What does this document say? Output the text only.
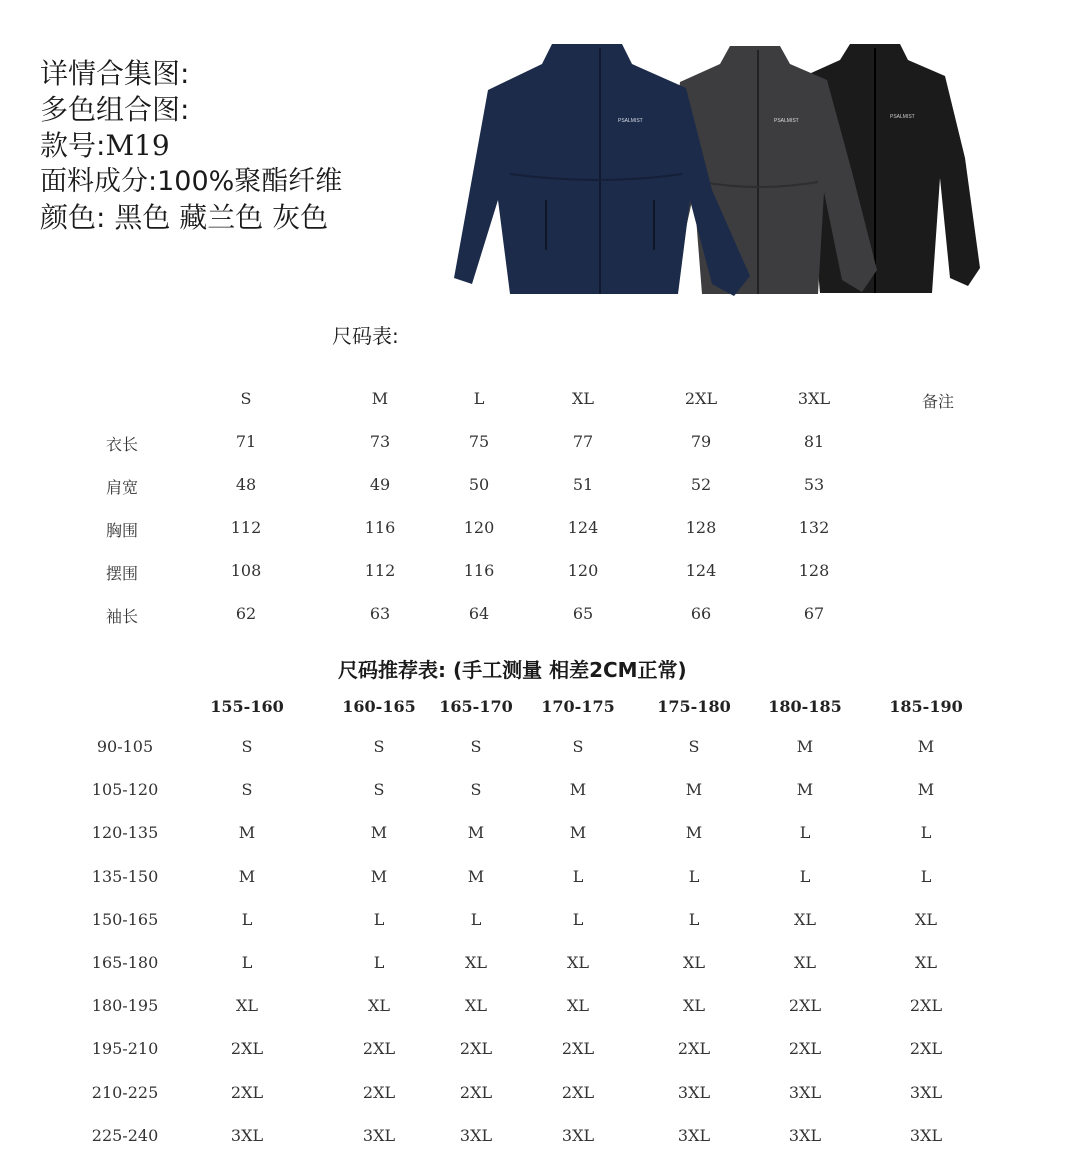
详情合集图:
多色组合图:
款号:M19
面料成分:100%聚酯纤维
颜色: 黑色 藏兰色 灰色
PSALMIST
PSALMIST
PSALMIST
尺码表:
S	M	L	XL	2XL	3XL	备注
衣长	71	73	75	77	79	81
肩宽	48	49	50	51	52	53
胸围	112	116	120	124	128	132
摆围	108	112	116	120	124	128
袖长	62	63	64	65	66	67
尺码推荐表: (手工测量 相差2CM正常)
155-160	160-165 165-170 170-175	175-180 180-185	185-190
90-105	S	S	S	S	S	M	M
105-120	S	S	S	M	M	M	M
120-135	M	M	M	M	M	L	L
135-150	M	M	M	L	L	L	L
150-165	L	L	L	L	L	XL	XL
165-180	L	L	XL	XL	XL	XL	XL
180-195	XL	XL	XL	XL	XL	2XL	2XL
195-210	2XL	2XL	2XL	2XL	2XL	2XL	2XL
210-225	2XL	2XL	2XL	2XL	3XL	3XL	3XL
225-240	3XL	3XL	3XL	3XL	3XL	3XL	3XL
